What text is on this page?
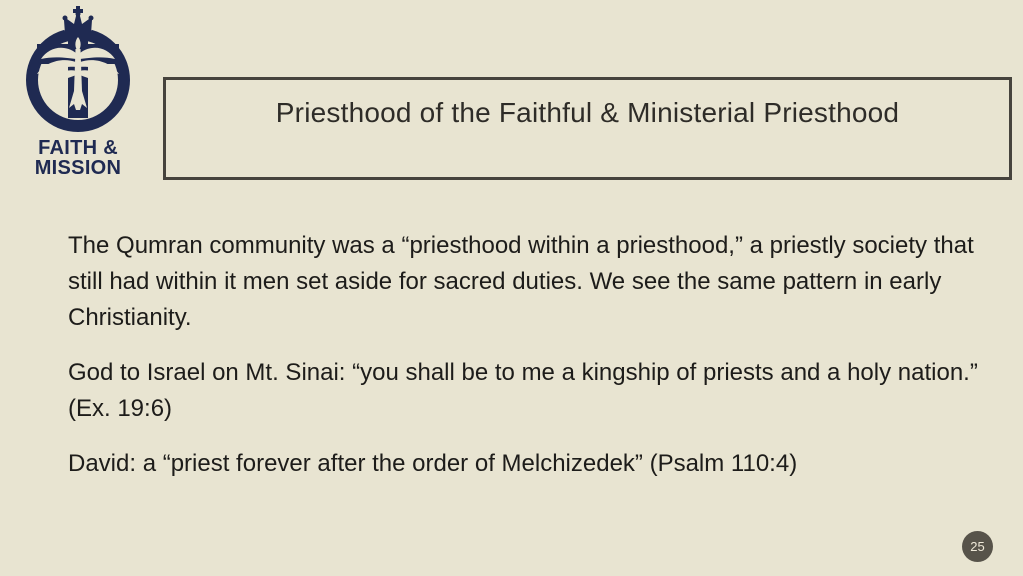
FAITH &
MISSION
Priesthood of the Faithful & Ministerial Priesthood

The Qumran community was a “priesthood within a priesthood,” a priestly society that still had within it men set aside for sacred duties. We see the same pattern in early Christianity.

God to Israel on Mt. Sinai: “you shall be to me a kingship of priests and a holy nation.” (Ex. 19:6)

David: a “priest forever after the order of Melchizedek” (Psalm 110:4)

25
